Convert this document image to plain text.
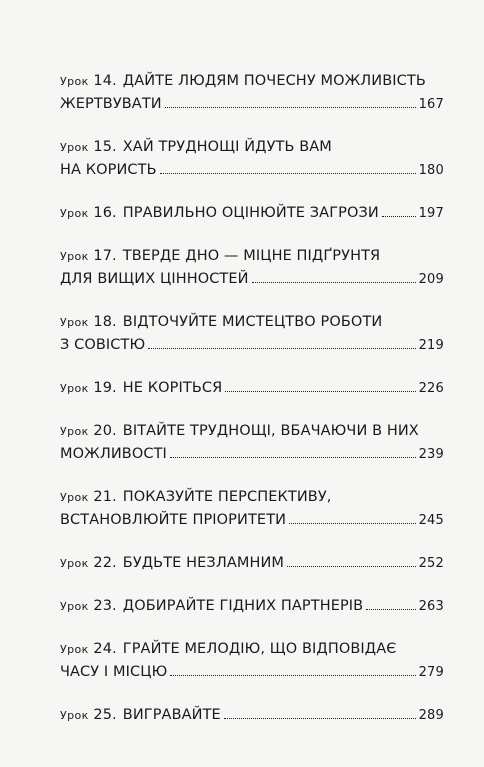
Урок
14. ДАЙТЕ ЛЮДЯМ ПОЧЕСНУ МОЖЛИВІСТЬ
ЖЕРТВУВАТИ	167
Урок
15. ХАЙ ТРУДНОЩІ ЙДУТЬ ВАМ
НА КОРИСТЬ	180
Урок
16. ПРАВИЛЬНО ОЦІНЮЙТЕ ЗАГРОЗИ	197
Урок
17. ТВЕРДЕ ДНО — МІЦНЕ ПІДҐРУНТЯ
ДЛЯ ВИЩИХ ЦІННОСТЕЙ	209
Урок
18. ВІДТОЧУЙТЕ МИСТЕЦТВО РОБОТИ
З СОВІСТЮ	219
Урок
19. НЕ КОРІТЬСЯ	226
Урок
20. ВІТАЙТЕ ТРУДНОЩІ, ВБАЧАЮЧИ В НИХ
МОЖЛИВОСТІ	239
Урок
21. ПОКАЗУЙТЕ ПЕРСПЕКТИВУ,
ВСТАНОВЛЮЙТЕ ПРІОРИТЕТИ	245
Урок
22. БУДЬТЕ НЕЗЛАМНИМ	252
Урок
23. ДОБИРАЙТЕ ГІДНИХ ПАРТНЕРІВ	263
Урок
24. ГРАЙТЕ МЕЛОДІЮ, ЩО ВІДПОВІДАЄ
ЧАСУ І МІСЦЮ	279
Урок
25. ВИГРАВАЙТЕ	289
